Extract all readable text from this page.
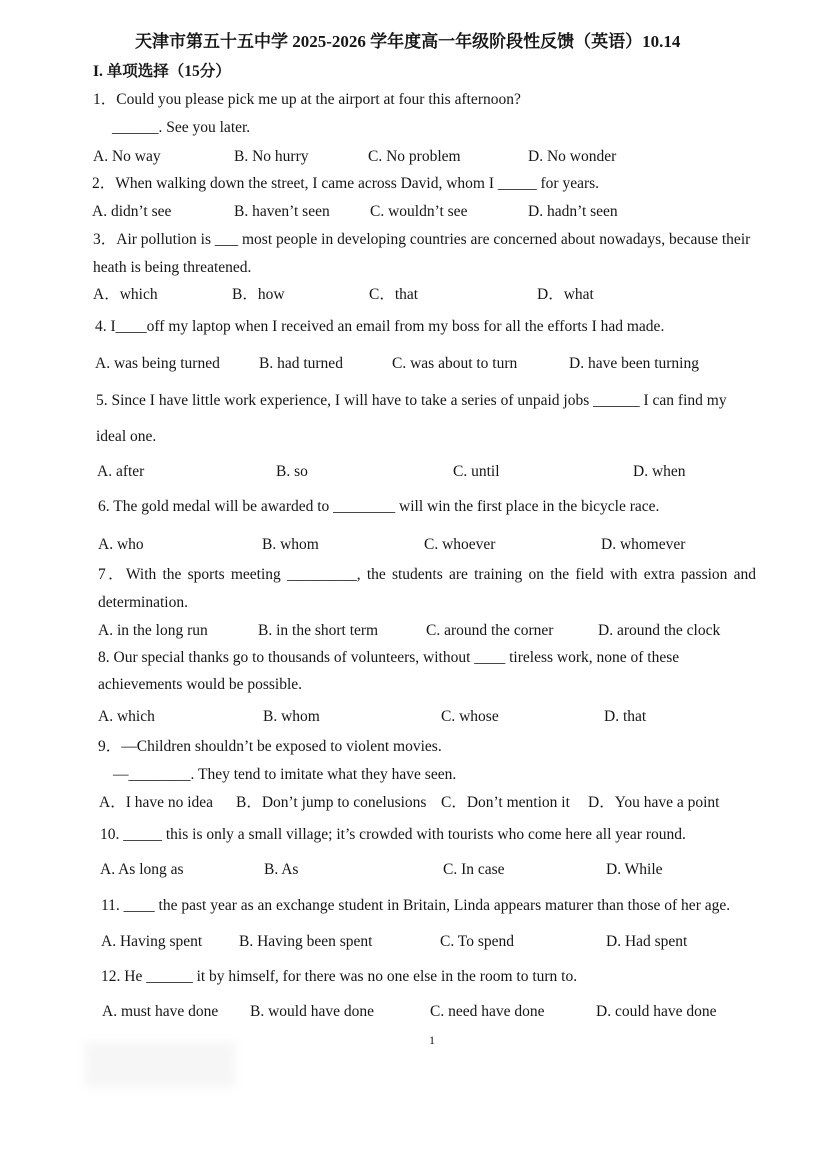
天津市第五十五中学 2025-2026 学年度高一年级阶段性反馈（英语）10.14
I. 单项选择（15分）
1．Could you please pick me up at the airport at four this afternoon?
______. See you later.
A. No way	B. No hurry	C. No problem	D. No wonder
2．When walking down the street, I came across David, whom I _____ for years.
A. didn’t see	B. haven’t seen	C. wouldn’t see	D. hadn’t seen
3．Air pollution is ___ most people in developing countries are concerned about nowadays, because their
heath is being threatened.
A．which	B．how	C．that	D．what
4. I____off my laptop when I received an email from my boss for all the efforts I had made.
A. was being turned	B. had turned	C. was about to turn	D. have been turning
5. Since I have little work experience, I will have to take a series of unpaid jobs ______ I can find my
ideal one.
A. after	B. so	C. until	D. when
6. The gold medal will be awarded to ________ will win the first place in the bicycle race.
A. who	B. whom	C. whoever	D. whomever
7．With the sports meeting _________, the students are training on the field with extra passion and
determination.
A. in the long run	B. in the short term	C. around the corner	D. around the clock
8. Our special thanks go to thousands of volunteers, without ____ tireless work, none of these
achievements would be possible.
A. which	B. whom	C. whose	D. that
9．—Children shouldn’t be exposed to violent movies.
—________. They tend to imitate what they have seen.
A．I have no idea B．Don’t jump to conelusions C．Don’t mention it D．You have a point
10. _____ this is only a small village; it’s crowded with tourists who come here all year round.
A. As long as	B. As	C. In case	D. While
11. ____ the past year as an exchange student in Britain, Linda appears maturer than those of her age.
A. Having spent B. Having been spent	C. To spend	D. Had spent
12. He ______ it by himself, for there was no one else in the room to turn to.
A. must have done B. would have done	C. need have done	D. could have done
1
